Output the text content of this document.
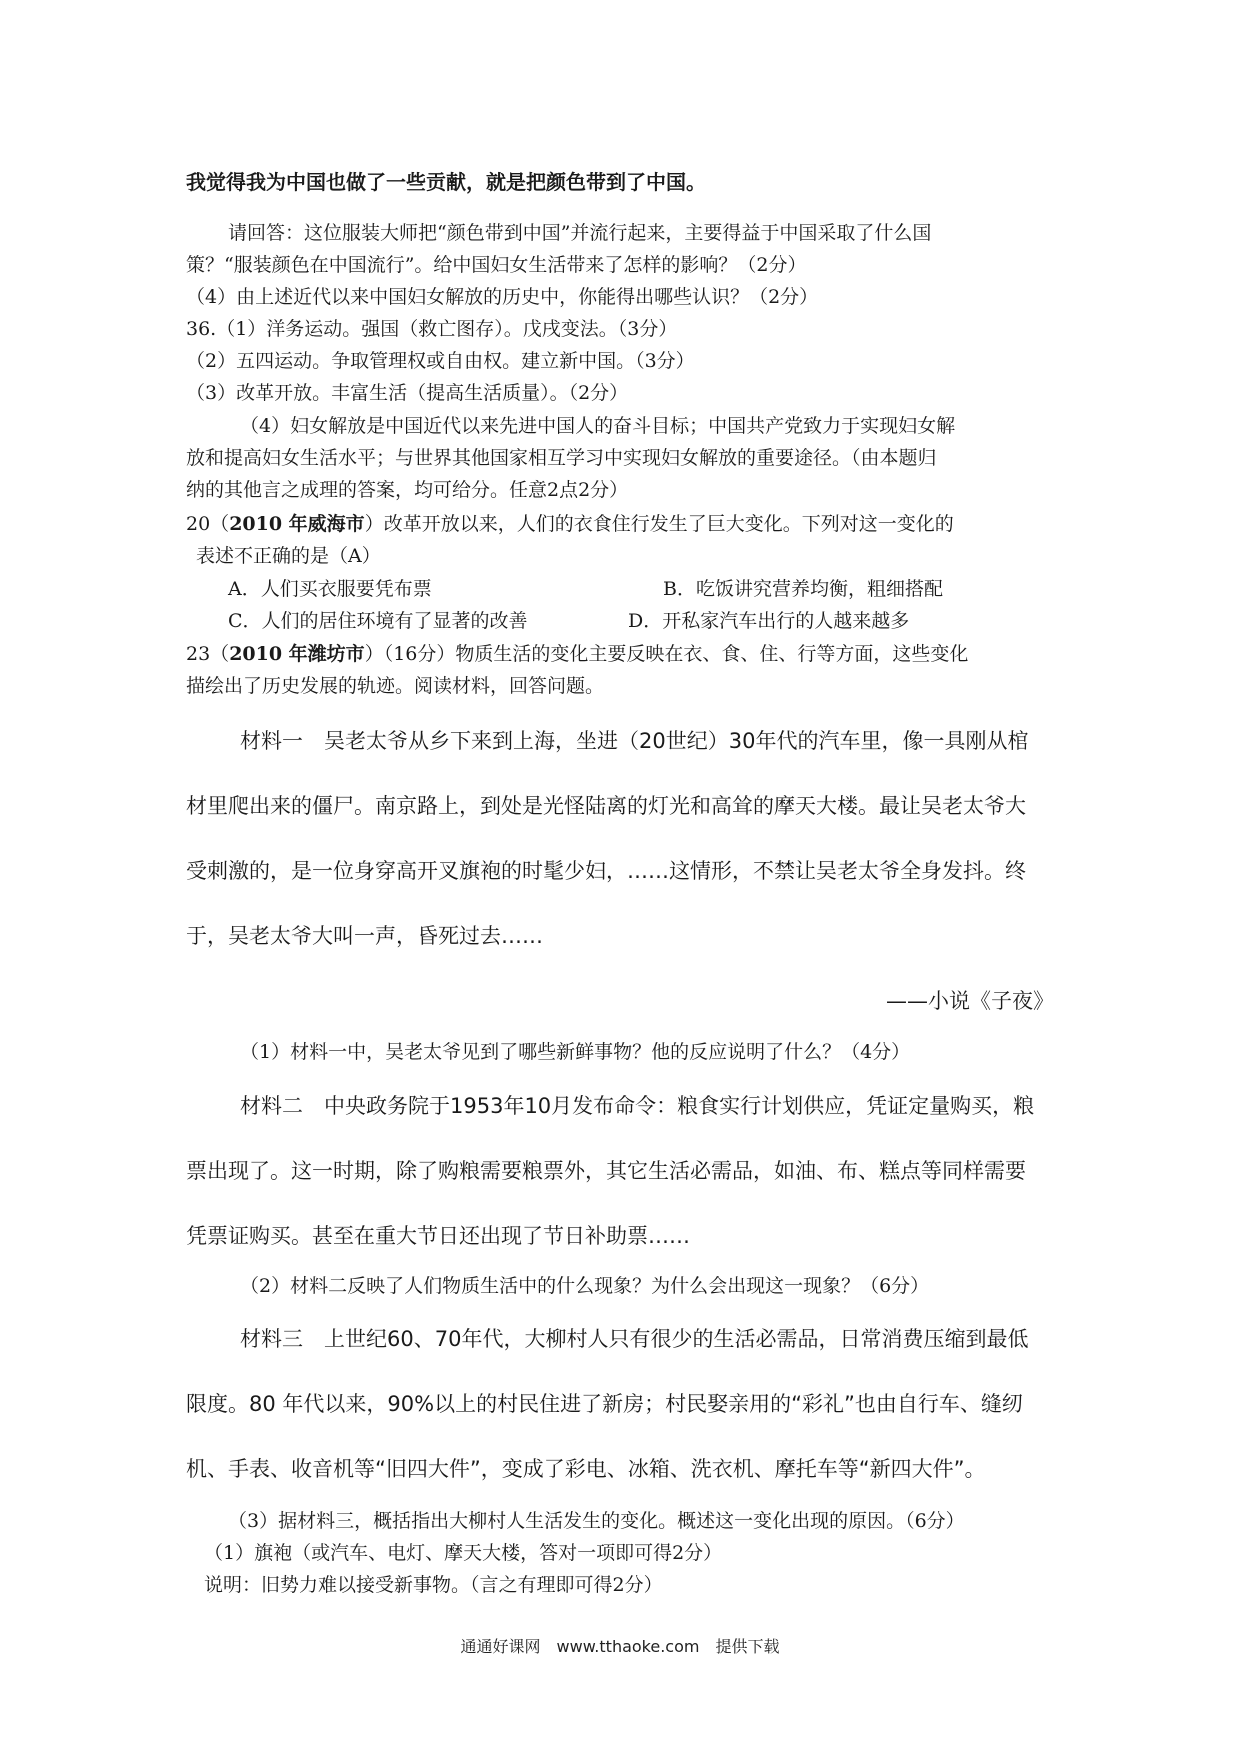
我觉得我为中国也做了一些贡献，就是把颜色带到了中国。
请回答：这位服装大师把“颜色带到中国”并流行起来，主要得益于中国采取了什么国
策？“服装颜色在中国流行”。给中国妇女生活带来了怎样的影响？（2分）
（4）由上述近代以来中国妇女解放的历史中，你能得出哪些认识？（2分）
36.（1）洋务运动。强国（救亡图存）。戊戌变法。（3分）
（2）五四运动。争取管理权或自由权。建立新中国。（3分）
（3）改革开放。丰富生活（提高生活质量）。（2分）
（4）妇女解放是中国近代以来先进中国人的奋斗目标；中国共产党致力于实现妇女解
放和提高妇女生活水平；与世界其他国家相互学习中实现妇女解放的重要途径。（由本题归
纳的其他言之成理的答案，均可给分。任意2点2分）
20（2010 年威海市）改革开放以来，人们的衣食住行发生了巨大变化。下列对这一变化的
表述不正确的是（A）
A．人们买衣服要凭布票	B．吃饭讲究营养均衡，粗细搭配
C．人们的居住环境有了显著的改善	D．开私家汽车出行的人越来越多
23（2010 年潍坊市）（16分）物质生活的变化主要反映在衣、食、住、行等方面，这些变化
描绘出了历史发展的轨迹。阅读材料，回答问题。
材料一　吴老太爷从乡下来到上海，坐进（20世纪）30年代的汽车里，像一具刚从棺
材里爬出来的僵尸。南京路上，到处是光怪陆离的灯光和高耸的摩天大楼。最让吴老太爷大
受刺激的，是一位身穿高开叉旗袍的时髦少妇，……这情形，不禁让吴老太爷全身发抖。终
于，吴老太爷大叫一声，昏死过去……
——小说《子夜》
（1）材料一中，吴老太爷见到了哪些新鲜事物？他的反应说明了什么？（4分）
材料二　中央政务院于1953年10月发布命令：粮食实行计划供应，凭证定量购买，粮
票出现了。这一时期，除了购粮需要粮票外，其它生活必需品，如油、布、糕点等同样需要
凭票证购买。甚至在重大节日还出现了节日补助票……
（2）材料二反映了人们物质生活中的什么现象？为什么会出现这一现象？（6分）
材料三　上世纪60、70年代，大柳村人只有很少的生活必需品，日常消费压缩到最低
限度。80 年代以来，90%以上的村民住进了新房；村民娶亲用的“彩礼”也由自行车、缝纫
机、手表、收音机等“旧四大件”，变成了彩电、冰箱、洗衣机、摩托车等“新四大件”。
（3）据材料三，概括指出大柳村人生活发生的变化。概述这一变化出现的原因。（6分）
（1）旗袍（或汽车、电灯、摩天大楼，答对一项即可得2分）
说明：旧势力难以接受新事物。（言之有理即可得2分）
通通好课网　www.tthaoke.com　提供下载
